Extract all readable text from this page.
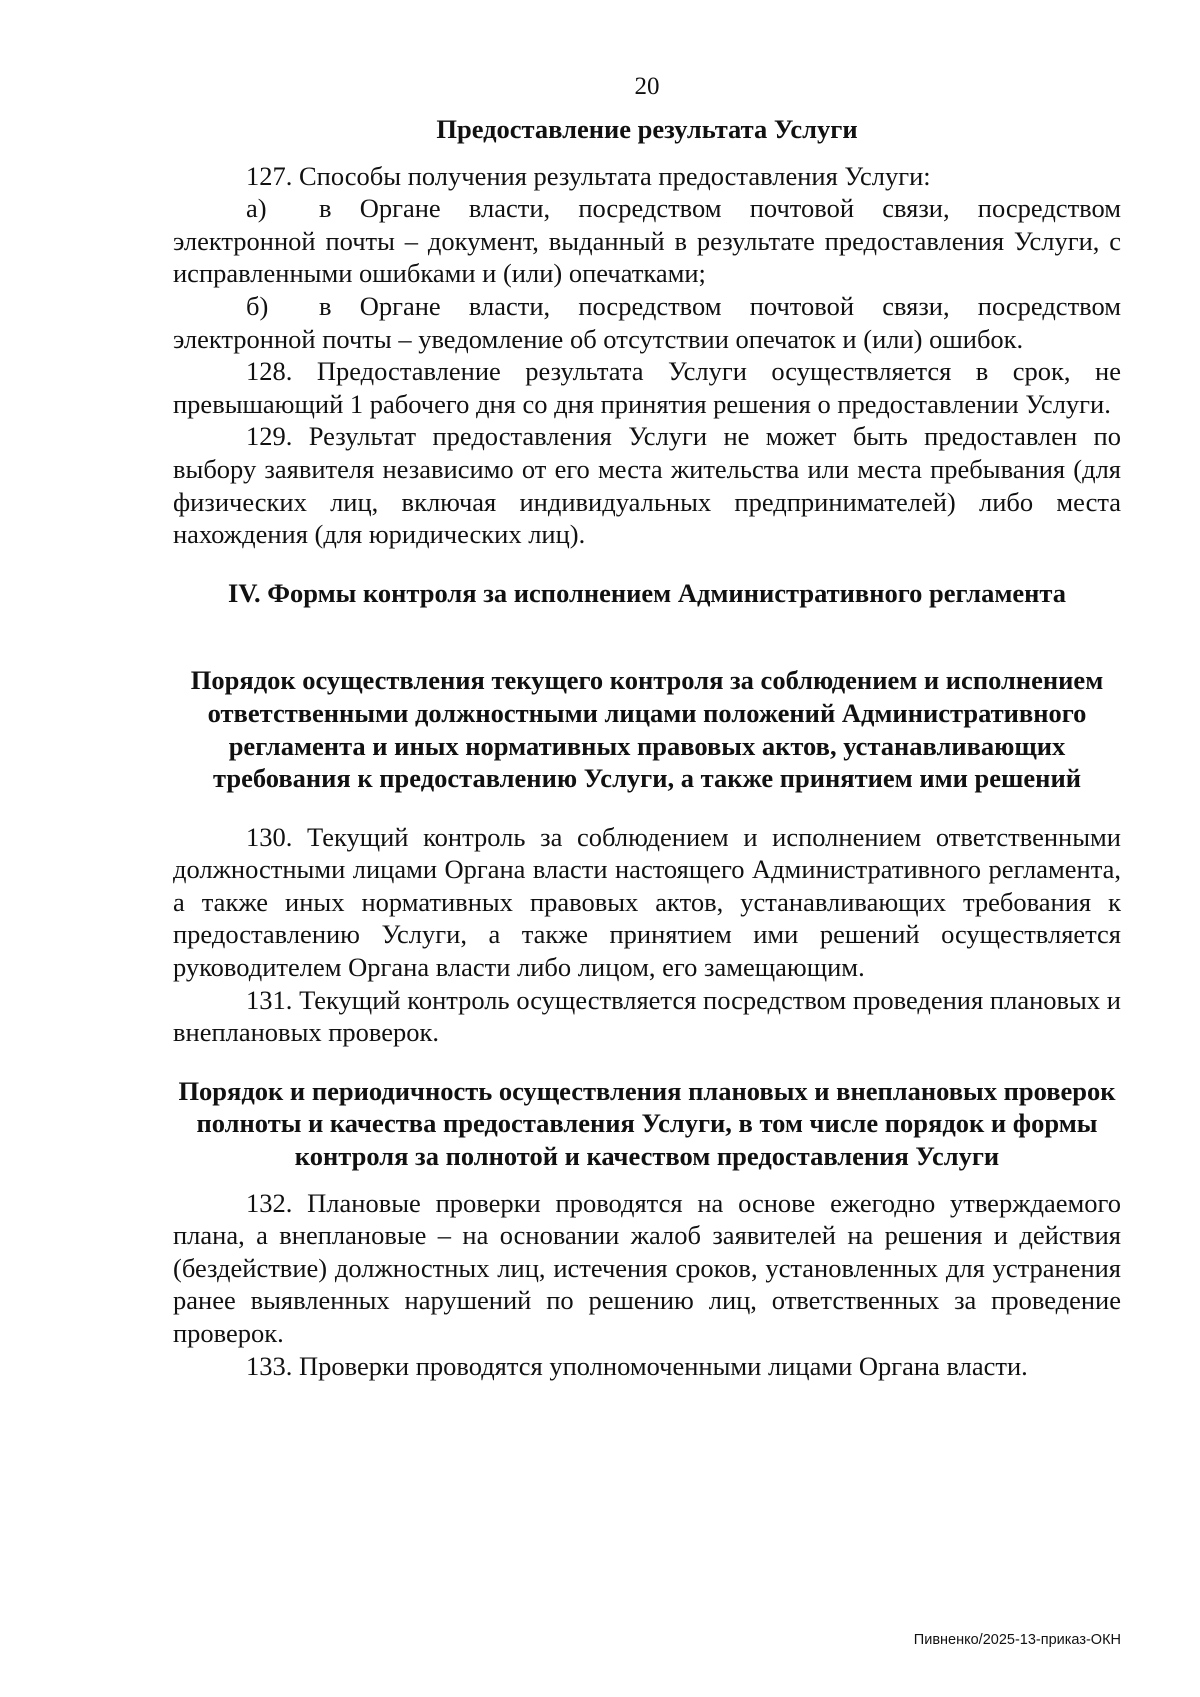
20
Предоставление результата Услуги

127. Способы получения результата предоставления Услуги:

а) в Органе власти, посредством почтовой связи, посредством электронной почты – документ, выданный в результате предоставления Услуги, с исправленными ошибками и (или) опечатками;

б) в Органе власти, посредством почтовой связи, посредством электронной почты – уведомление об отсутствии опечаток и (или) ошибок.

128. Предоставление результата Услуги осуществляется в срок, не превышающий 1 рабочего дня со дня принятия решения о предоставлении Услуги.

129. Результат предоставления Услуги не может быть предоставлен по выбору заявителя независимо от его места жительства или места пребывания (для физических лиц, включая индивидуальных предпринимателей) либо места нахождения (для юридических лиц).

IV. Формы контроля за исполнением Административного регламента
Порядок осуществления текущего контроля за соблюдением и исполнением ответственными должностными лицами положений Административного регламента и иных нормативных правовых актов, устанавливающих требования к предоставлению Услуги, а также принятием ими решений

130. Текущий контроль за соблюдением и исполнением ответственными должностными лицами Органа власти настоящего Административного регламента, а также иных нормативных правовых актов, устанавливающих требования к предоставлению Услуги, а также принятием ими решений осуществляется руководителем Органа власти либо лицом, его замещающим.

131. Текущий контроль осуществляется посредством проведения плановых и внеплановых проверок.

Порядок и периодичность осуществления плановых и внеплановых проверок полноты и качества предоставления Услуги, в том числе порядок и формы контроля за полнотой и качеством предоставления Услуги

132. Плановые проверки проводятся на основе ежегодно утверждаемого плана, а внеплановые – на основании жалоб заявителей на решения и действия (бездействие) должностных лиц, истечения сроков, установленных для устранения ранее выявленных нарушений по решению лиц, ответственных за проведение проверок.

133. Проверки проводятся уполномоченными лицами Органа власти.

Пивненко/2025-13-приказ-ОКН
